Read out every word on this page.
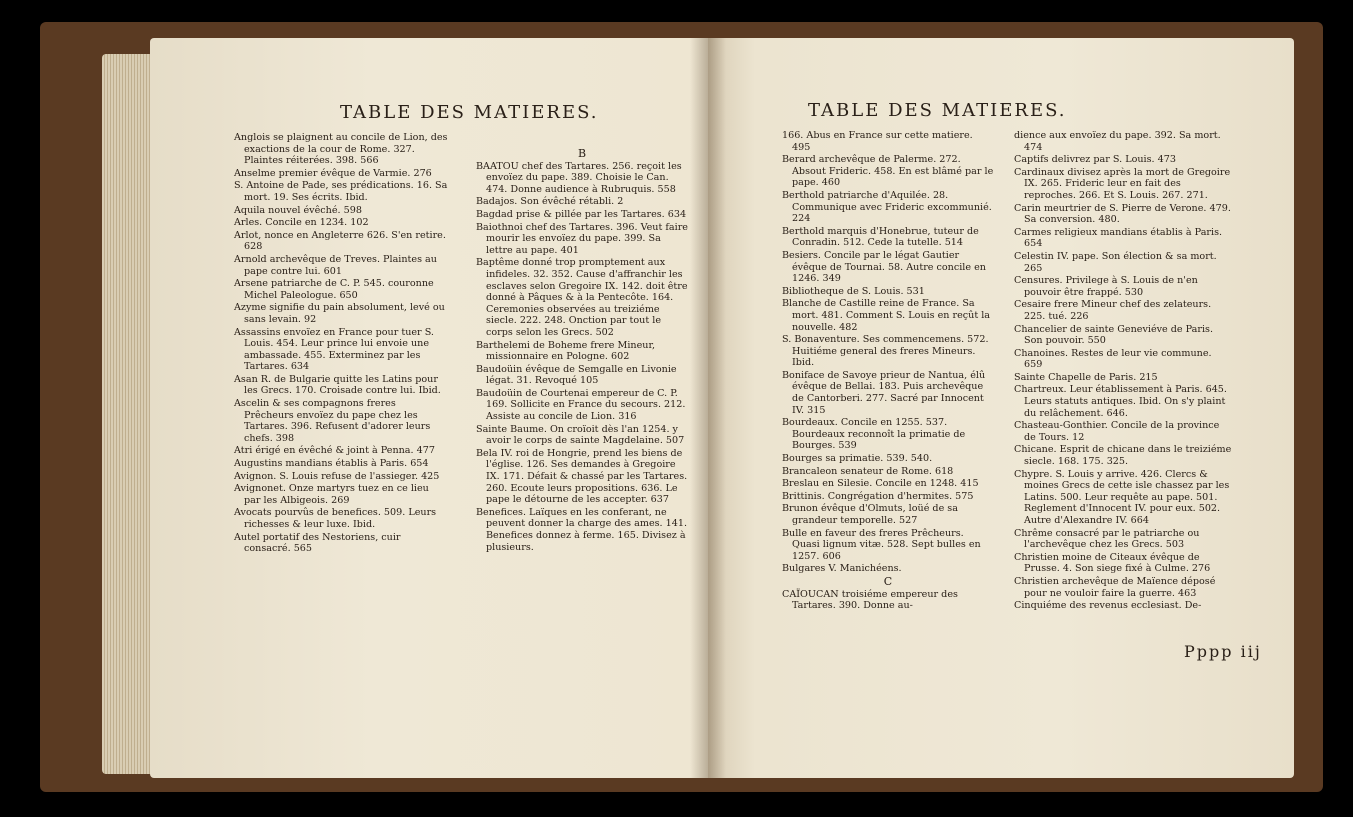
TABLE DES MATIERES.

Anglois se plaignent au concile de Lion, des exactions de la cour de Rome. 327. Plaintes réiterées. 398. 566

Anselme premier évêque de Varmie. 276

S. Antoine de Pade, ses prédications. 16. Sa mort. 19. Ses écrits. Ibid.

Aquila nouvel évêché. 598

Arles. Concile en 1234. 102

Arlot, nonce en Angleterre 626. S'en retire. 628

Arnold archevêque de Treves. Plaintes au pape contre lui. 601

Arsene patriarche de C. P. 545. couronne Michel Paleologue. 650

Azyme signifie du pain absolument, levé ou sans levain. 92

Assassins envoïez en France pour tuer S. Louis. 454. Leur prince lui envoie une ambassade. 455. Exterminez par les Tartares. 634

Asan R. de Bulgarie quitte les Latins pour les Grecs. 170. Croisade contre lui. Ibid.

Ascelin & ses compagnons freres Prêcheurs envoïez du pape chez les Tartares. 396. Refusent d'adorer leurs chefs. 398

Atri érigé en évêché & joint à Penna. 477

Augustins mandians établis à Paris. 654

Avignon. S. Louis refuse de l'assieger. 425

Avignonet. Onze martyrs tuez en ce lieu par les Albigeois. 269

Avocats pourvûs de benefices. 509. Leurs richesses & leur luxe. Ibid.

Autel portatif des Nestoriens, cuir consacré. 565

B

BAATOU chef des Tartares. 256. reçoit les envoïez du pape. 389. Choisie le Can. 474. Donne audience à Rubruquis. 558

Badajos. Son évêché rétabli. 2

Bagdad prise & pillée par les Tartares. 634

Baiothnoi chef des Tartares. 396. Veut faire mourir les envoïez du pape. 399. Sa lettre au pape. 401

Baptême donné trop promptement aux infideles. 32. 352. Cause d'affranchir les esclaves selon Gregoire IX. 142. doit être donné à Pâques & à la Pentecôte. 164. Ceremonies observées au treiziéme siecle. 222. 248. Onction par tout le corps selon les Grecs. 502

Barthelemi de Boheme frere Mineur, missionnaire en Pologne. 602

Baudoüin évêque de Semgalle en Livonie légat. 31. Revoqué 105

Baudoüin de Courtenai empereur de C. P. 169. Sollicite en France du secours. 212. Assiste au concile de Lion. 316

Sainte Baume. On croïoit dès l'an 1254. y avoir le corps de sainte Magdelaine. 507

Bela IV. roi de Hongrie, prend les biens de l'église. 126. Ses demandes à Gregoire IX. 171. Défait & chassé par les Tartares. 260. Ecoute leurs propositions. 636. Le pape le détourne de les accepter. 637

Benefices. Laïques en les conferant, ne peuvent donner la charge des ames. 141. Benefices donnez à ferme. 165. Divisez à plusieurs.

TABLE DES MATIERES.

166. Abus en France sur cette matiere. 495

Berard archevêque de Palerme. 272. Absout Frideric. 458. En est blâmé par le pape. 460

Berthold patriarche d'Aquilée. 28. Communique avec Frideric excommunié. 224

Berthold marquis d'Honebrue, tuteur de Conradin. 512. Cede la tutelle. 514

Besiers. Concile par le légat Gautier évêque de Tournai. 58. Autre concile en 1246. 349

Bibliotheque de S. Louis. 531

Blanche de Castille reine de France. Sa mort. 481. Comment S. Louis en reçût la nouvelle. 482

S. Bonaventure. Ses commencemens. 572. Huitiéme general des freres Mineurs. Ibid.

Boniface de Savoye prieur de Nantua, élû évêque de Bellai. 183. Puis archevêque de Cantorberi. 277. Sacré par Innocent IV. 315

Bourdeaux. Concile en 1255. 537. Bourdeaux reconnoît la primatie de Bourges. 539

Bourges sa primatie. 539. 540.

Brancaleon senateur de Rome. 618

Breslau en Silesie. Concile en 1248. 415

Brittinis. Congrégation d'hermites. 575

Brunon évêque d'Olmuts, loüé de sa grandeur temporelle. 527

Bulle en faveur des freres Prêcheurs. Quasi lignum vitæ. 528. Sept bulles en 1257. 606

Bulgares V. Manichéens.

C

CAÏOUCAN troisiéme empereur des Tartares. 390. Donne au-

dience aux envoïez du pape. 392. Sa mort. 474

Captifs delivrez par S. Louis. 473

Cardinaux divisez après la mort de Gregoire IX. 265. Frideric leur en fait des reproches. 266. Et S. Louis. 267. 271.

Carin meurtrier de S. Pierre de Verone. 479. Sa conversion. 480.

Carmes religieux mandians établis à Paris. 654

Celestin IV. pape. Son élection & sa mort. 265

Censures. Privilege à S. Louis de n'en pouvoir être frappé. 530

Cesaire frere Mineur chef des zelateurs. 225. tué. 226

Chancelier de sainte Geneviéve de Paris. Son pouvoir. 550

Chanoines. Restes de leur vie commune. 659

Sainte Chapelle de Paris. 215

Chartreux. Leur établissement à Paris. 645. Leurs statuts antiques. Ibid. On s'y plaint du relâchement. 646.

Chasteau-Gonthier. Concile de la province de Tours. 12

Chicane. Esprit de chicane dans le treiziéme siecle. 168. 175. 325.

Chypre. S. Louis y arrive. 426. Clercs & moines Grecs de cette isle chassez par les Latins. 500. Leur requête au pape. 501. Reglement d'Innocent IV. pour eux. 502. Autre d'Alexandre IV. 664

Chrême consacré par le patriarche ou l'archevêque chez les Grecs. 503

Christien moine de Citeaux évêque de Prusse. 4. Son siege fixé à Culme. 276

Christien archevêque de Maïence déposé pour ne vouloir faire la guerre. 463

Cinquiéme des revenus ecclesiast. De-

Pppp iij
